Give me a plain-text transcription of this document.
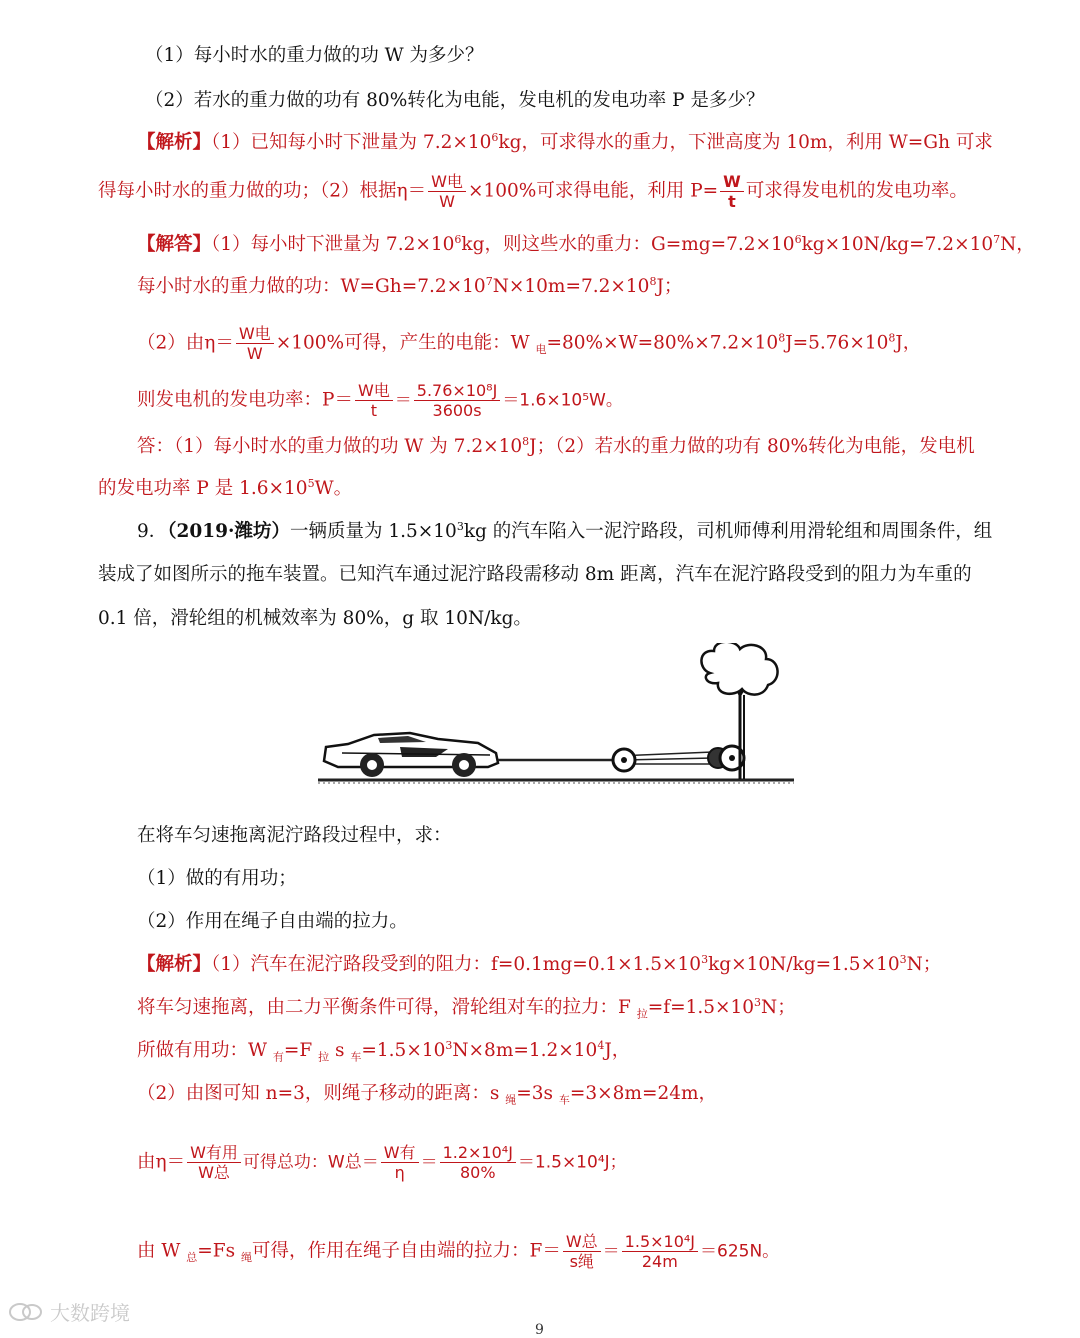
（1）每小时水的重力做的功 W 为多少？
（2）若水的重力做的功有 80%转化为电能，发电机的发电功率 P 是多少？
【解析】（1）已知每小时下泄量为 $7.2\times 10^6kg$，可求得水的重力，下泄高度为 10m，利用 W=Gh 可求
得每小时水的重力做的功；（2）根据$\eta= \frac{\text{W电}}{W} \times 100\%$可求得电能，利用 $P= \frac{W}{t}$ 可求得发电机的发电功率。
【解答】（1）每小时下泄量为 $7.2\times 10^6kg$，则这些水的重力：$G=mg=7.2\times 10^6kg\times 10N/kg=7.2\times 10^7N$，
每小时水的重力做的功：$W=Gh=7.2\times 10^7N\times 10m=7.2\times 10^8J$；
（2）由$\eta= \frac{\text{W电}}{W} \times 100\%$可得，产生的电能：W $_电=80\%\times W=80\%\times 7.2\times 10^8J=5.76\times 10^8J$，
则发电机的发电功率：$P= \frac{\text{W电}}{t} = \frac{\text{5.76×10⁸J}}{3600s} =1.6\times 10^5W$。
答：（1）每小时水的重力做的功 W 为 $7.2\times 10^8J$；（2）若水的重力做的功有 80%转化为电能，发电机
的发电功率 P 是 $1.6\times 10^5W$。
9．（2019·潍坊）一辆质量为 $1.5\times 10^3kg$ 的汽车陷入一泥泞路段，司机师傅利用滑轮组和周围条件，组
装成了如图所示的拖车装置。已知汽车通过泥泞路段需移动 8m 距离，汽车在泥泞路段受到的阻力为车重的
0.1 倍，滑轮组的机械效率为 80%，g 取 10N/kg。
在将车匀速拖离泥泞路段过程中，求：
（1）做的有用功；
（2）作用在绳子自由端的拉力。
【解析】（1）汽车在泥泞路段受到的阻力：$f=0.1mg=0.1\times 1.5\times 10^3kg\times 10N/kg=1.5\times 10^3N$；
将车匀速拖离，由二力平衡条件可得，滑轮组对车的拉力：F $_拉=f=1.5\times 10^3N$；
所做有用功：W $_有$=F $_拉$ s $_车=1.5\times 10^3N\times 8m=1.2\times 10^4J$，
（2）由图可知 n=3，则绳子移动的距离：s $_绳$=3s $_车$=3×8m=24m，
由$\eta= \frac{\text{W有用}}{\text{W总}}$ 可得总功：W总＝ $\frac{\text{W有}}{\eta} = \frac{\text{1.2×10⁴J}}{80\%} =1.5\times 10^4J$；
由 W $_总$=Fs $_绳$可得，作用在绳子自由端的拉力：$F= \frac{\text{W总}}{\text{s绳}} = \frac{\text{1.5×10⁴J}}{24m} =625N$。
大数跨境
9
